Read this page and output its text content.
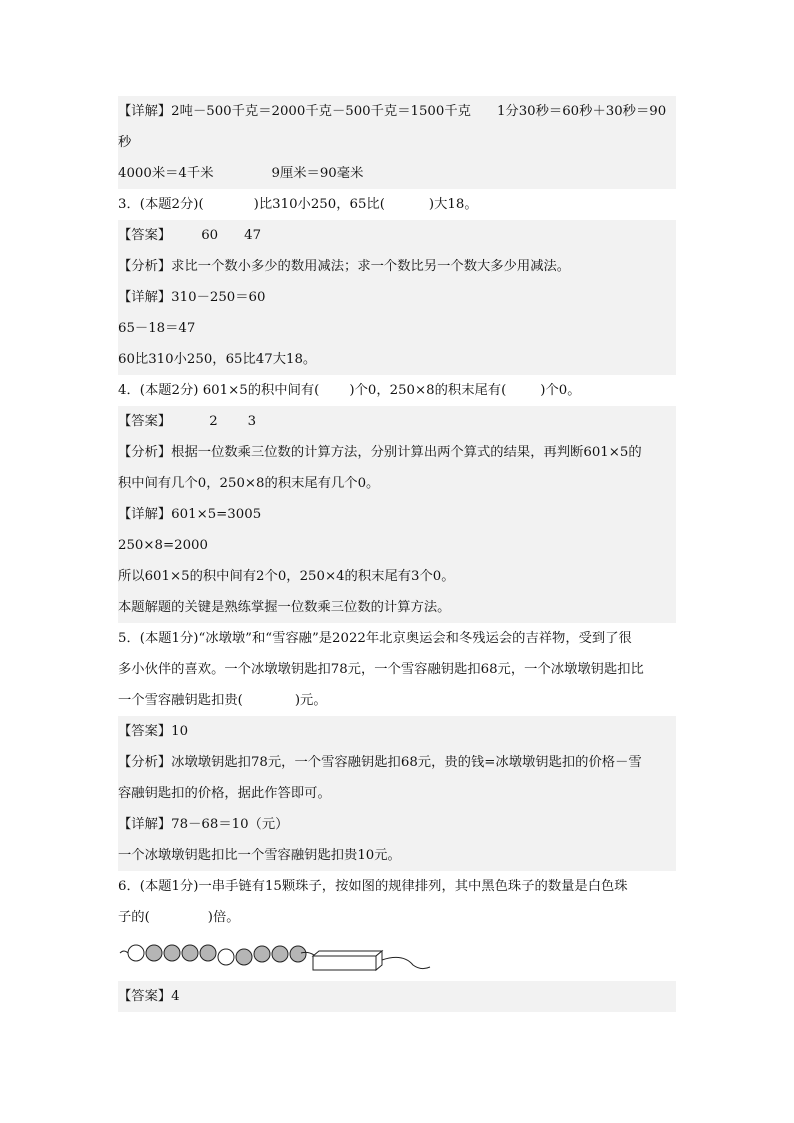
【详解】2吨－500千克＝2000千克－500千克＝1500千克 1分30秒＝60秒＋30秒＝90
秒
4000米＝4千米	9厘米＝90毫米
3．(本题2分)(	)比310小250，65比(	)大18。
【答案】 60 47
【分析】求比一个数小多少的数用减法；求一个数比另一个数大多少用减法。
【详解】310－250＝60
65－18＝47
60比310小250，65比47大18。
4．(本题2分) 601×5的积中间有( )个0，250×8的积末尾有(	)个0。
【答案】	2 3
【分析】根据一位数乘三位数的计算方法，分别计算出两个算式的结果，再判断601×5的
积中间有几个0，250×8的积末尾有几个0。
【详解】601×5=3005
250×8=2000
所以601×5的积中间有2个0，250×4的积末尾有3个0。
本题解题的关键是熟练掌握一位数乘三位数的计算方法。
5．(本题1分)“冰墩墩”和“雪容融”是2022年北京奥运会和冬残运会的吉祥物，受到了很
多小伙伴的喜欢。一个冰墩墩钥匙扣78元，一个雪容融钥匙扣68元，一个冰墩墩钥匙扣比
一个雪容融钥匙扣贵(	)元。
【答案】10
【分析】冰墩墩钥匙扣78元，一个雪容融钥匙扣68元，贵的钱=冰墩墩钥匙扣的价格－雪
容融钥匙扣的价格，据此作答即可。
【详解】78－68＝10（元）
一个冰墩墩钥匙扣比一个雪容融钥匙扣贵10元。
6．(本题1分)一串手链有15颗珠子，按如图的规律排列，其中黑色珠子的数量是白色珠
子的(	)倍。
【答案】4
